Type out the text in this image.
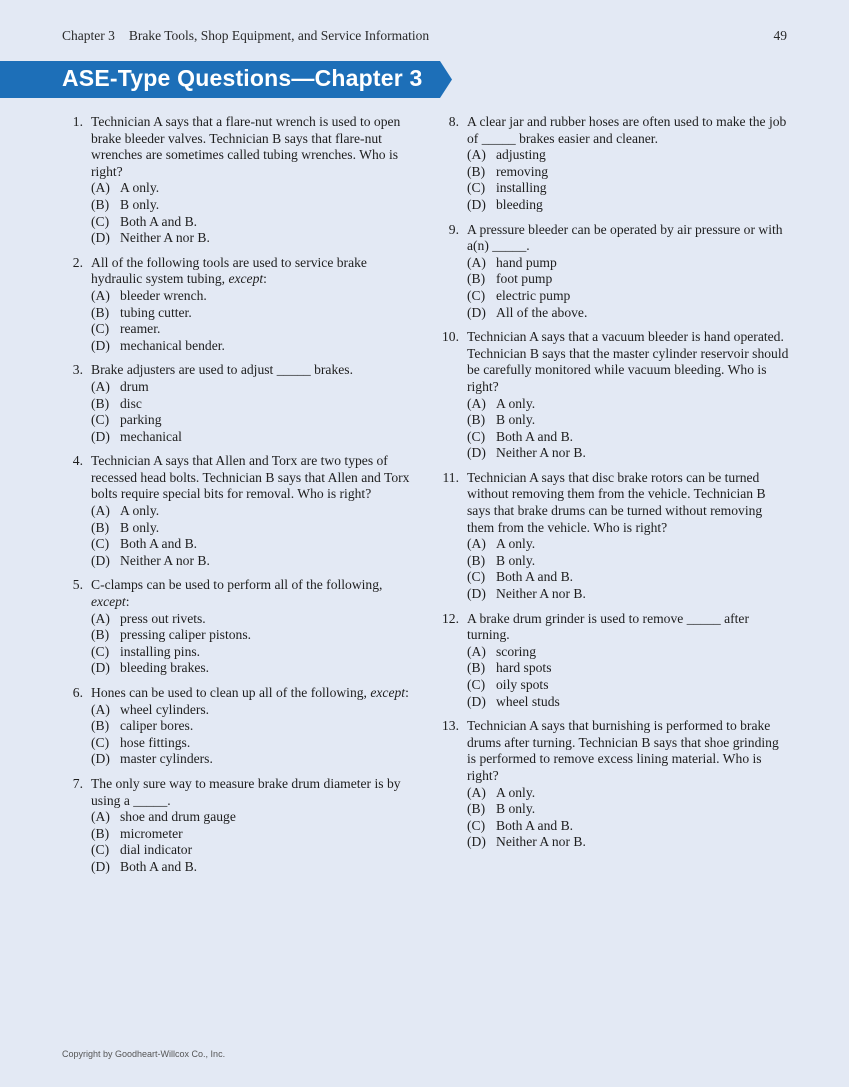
Chapter 3 Brake Tools, Shop Equipment, and Service Information	49
ASE-Type Questions—Chapter 3
1. Technician A says that a flare-nut wrench is used to open brake bleeder valves. Technician B says that flare-nut wrenches are sometimes called tubing wrenches. Who is right?
(A) A only.
(B) B only.
(C) Both A and B.
(D) Neither A nor B.
2. All of the following tools are used to service brake hydraulic system tubing, except:
(A) bleeder wrench.
(B) tubing cutter.
(C) reamer.
(D) mechanical bender.
3. Brake adjusters are used to adjust _____ brakes.
(A) drum
(B) disc
(C) parking
(D) mechanical
4. Technician A says that Allen and Torx are two types of recessed head bolts. Technician B says that Allen and Torx bolts require special bits for removal. Who is right?
(A) A only.
(B) B only.
(C) Both A and B.
(D) Neither A nor B.
5. C-clamps can be used to perform all of the following, except:
(A) press out rivets.
(B) pressing caliper pistons.
(C) installing pins.
(D) bleeding brakes.
6. Hones can be used to clean up all of the following, except:
(A) wheel cylinders.
(B) caliper bores.
(C) hose fittings.
(D) master cylinders.
7. The only sure way to measure brake drum diameter is by using a _____.
(A) shoe and drum gauge
(B) micrometer
(C) dial indicator
(D) Both A and B.
8. A clear jar and rubber hoses are often used to make the job of _____ brakes easier and cleaner.
(A) adjusting
(B) removing
(C) installing
(D) bleeding
9. A pressure bleeder can be operated by air pressure or with a(n) _____.
(A) hand pump
(B) foot pump
(C) electric pump
(D) All of the above.
10. Technician A says that a vacuum bleeder is hand operated. Technician B says that the master cylinder reservoir should be carefully monitored while vacuum bleeding. Who is right?
(A) A only.
(B) B only.
(C) Both A and B.
(D) Neither A nor B.
11. Technician A says that disc brake rotors can be turned without removing them from the vehicle. Technician B says that brake drums can be turned without removing them from the vehicle. Who is right?
(A) A only.
(B) B only.
(C) Both A and B.
(D) Neither A nor B.
12. A brake drum grinder is used to remove _____ after turning.
(A) scoring
(B) hard spots
(C) oily spots
(D) wheel studs
13. Technician A says that burnishing is performed to brake drums after turning. Technician B says that shoe grinding is performed to remove excess lining material. Who is right?
(A) A only.
(B) B only.
(C) Both A and B.
(D) Neither A nor B.
Copyright by Goodheart-Willcox Co., Inc.
